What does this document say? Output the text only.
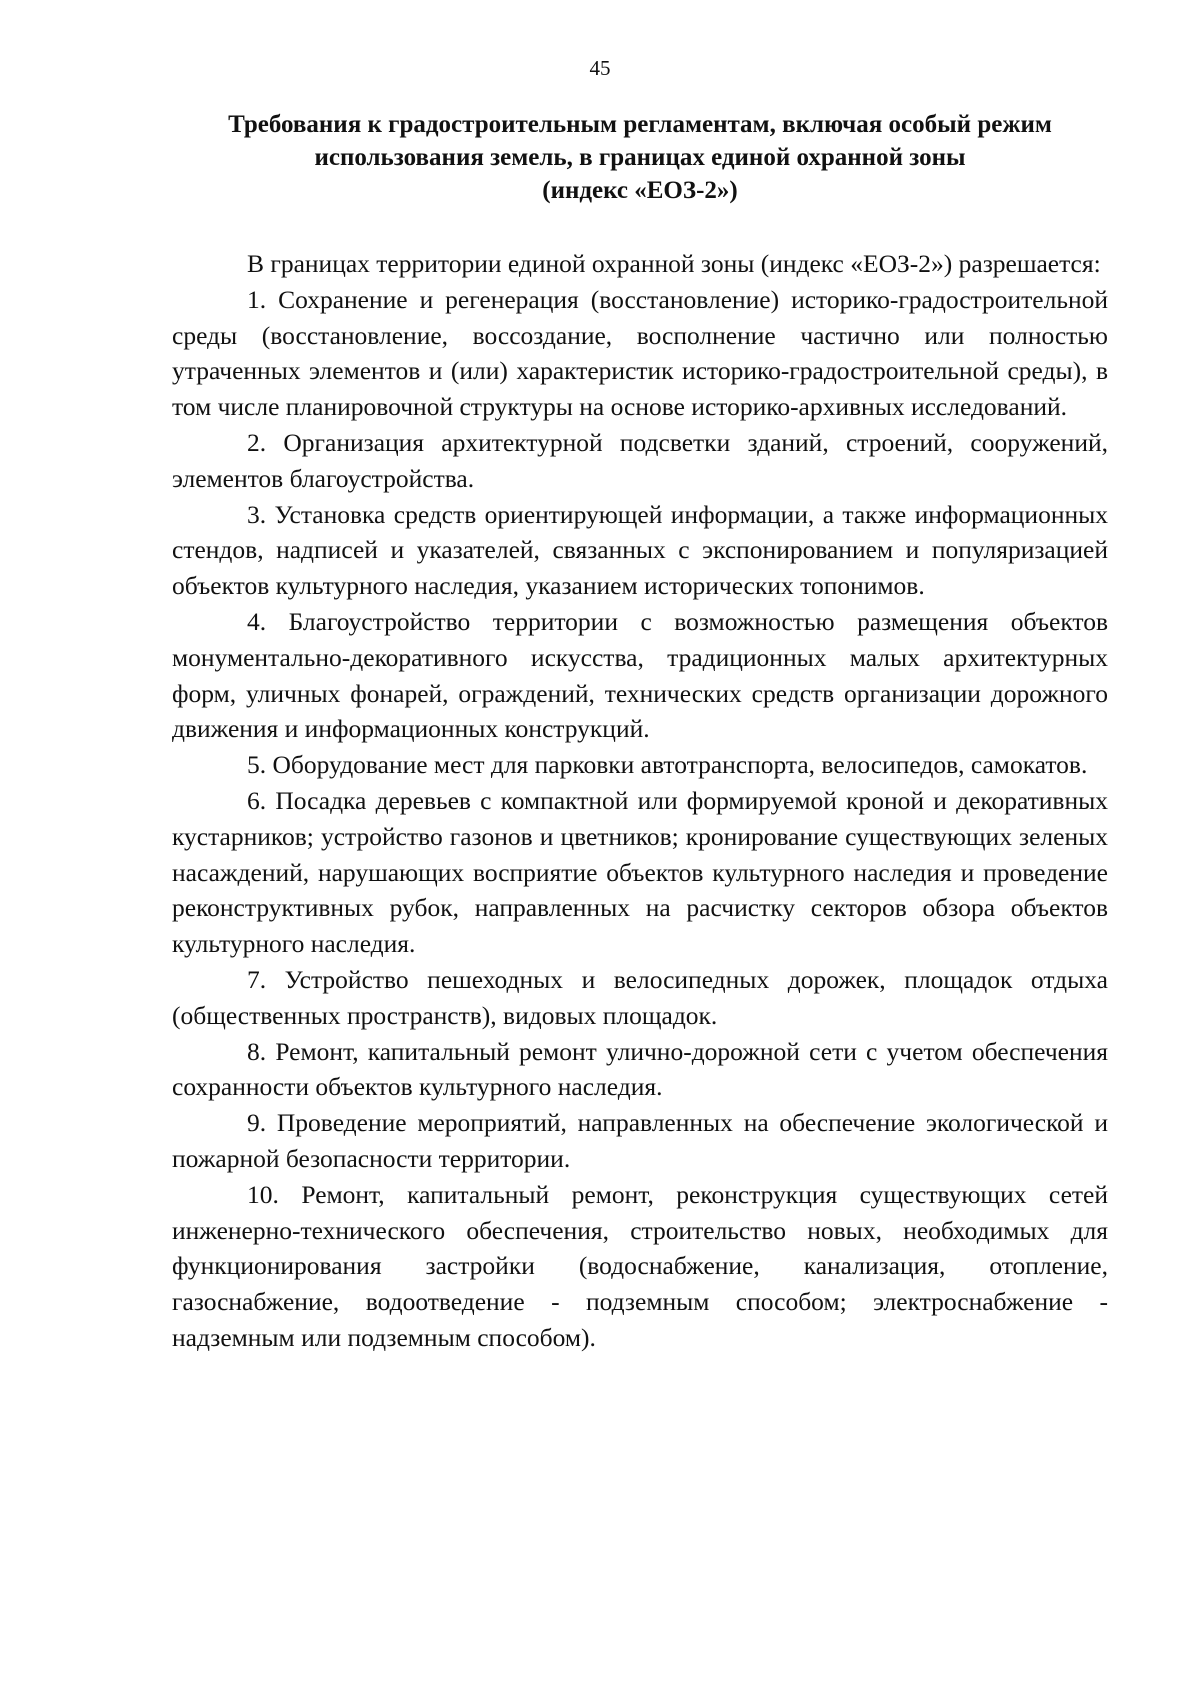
45
Требования к градостроительным регламентам, включая особый режим
использования земель, в границах единой охранной зоны
(индекс «ЕОЗ-2»)

В границах территории единой охранной зоны (индекс «ЕОЗ-2») разрешается:

1. Сохранение и регенерация (восстановление) историко-градостроительной среды (восстановление, воссоздание, восполнение частично или полностью утраченных элементов и (или) характеристик историко-градостроительной среды), в том числе планировочной структуры на основе историко-архивных исследований.

2. Организация архитектурной подсветки зданий, строений, сооружений, элементов благоустройства.

3. Установка средств ориентирующей информации, а также информационных стендов, надписей и указателей, связанных с экспонированием и популяризацией объектов культурного наследия, указанием исторических топонимов.

4. Благоустройство территории с возможностью размещения объектов монументально-декоративного искусства, традиционных малых архитектурных форм, уличных фонарей, ограждений, технических средств организации дорожного движения и информационных конструкций.

5. Оборудование мест для парковки автотранспорта, велосипедов, самокатов.

6. Посадка деревьев с компактной или формируемой кроной и декоративных кустарников; устройство газонов и цветников; кронирование существующих зеленых насаждений, нарушающих восприятие объектов культурного наследия и проведение реконструктивных рубок, направленных на расчистку секторов обзора объектов культурного наследия.

7. Устройство пешеходных и велосипедных дорожек, площадок отдыха (общественных пространств), видовых площадок.

8. Ремонт, капитальный ремонт улично-дорожной сети с учетом обеспечения сохранности объектов культурного наследия.

9. Проведение мероприятий, направленных на обеспечение экологической и пожарной безопасности территории.

10. Ремонт, капитальный ремонт, реконструкция существующих сетей инженерно-технического обеспечения, строительство новых, необходимых для функционирования застройки (водоснабжение, канализация, отопление, газоснабжение, водоотведение - подземным способом; электроснабжение - надземным или подземным способом).
